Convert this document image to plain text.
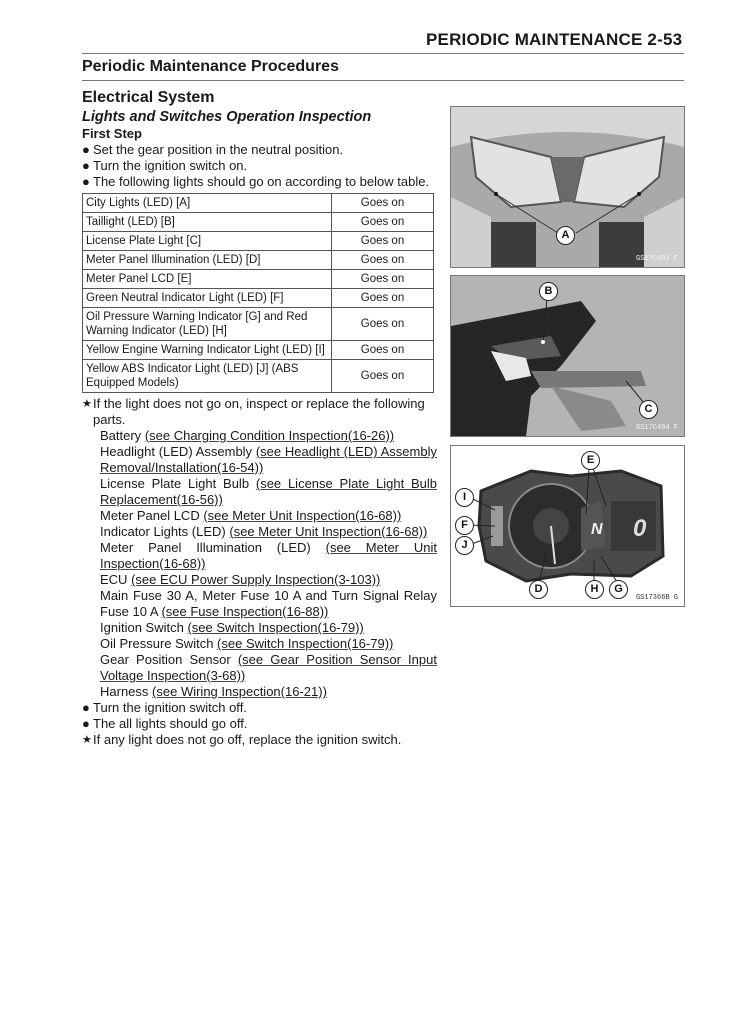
PERIODIC MAINTENANCE 2-53
Periodic Maintenance Procedures
Electrical System
Lights and Switches Operation Inspection
First Step
● Set the gear position in the neutral position.
● Turn the ignition switch on.
● The following lights should go on according to below table.
City Lights (LED) [A]	Goes on
Taillight (LED) [B]	Goes on
License Plate Light [C]	Goes on
Meter Panel Illumination (LED) [D]	Goes on
Meter Panel LCD [E]	Goes on
Green Neutral Indicator Light (LED) [F]	Goes on
Oil Pressure Warning Indicator [G] and Red Warning Indicator (LED) [H]	Goes on
Yellow Engine Warning Indicator Light (LED) [I]	Goes on
Yellow ABS Indicator Light (LED) [J] (ABS Equipped Models)	Goes on
★ If the light does not go on, inspect or replace the following parts.
Battery (see Charging Condition Inspection(16-26))
Headlight (LED) Assembly (see Headlight (LED) Assembly Removal/Installation(16-54))
License Plate Light Bulb (see License Plate Light Bulb Replacement(16-56))
Meter Panel LCD (see Meter Unit Inspection(16-68))
Indicator Lights (LED) (see Meter Unit Inspection(16-68))
Meter Panel Illumination (LED) (see Meter Unit Inspection(16-68))
ECU (see ECU Power Supply Inspection(3-103))
Main Fuse 30 A, Meter Fuse 10 A and Turn Signal Relay Fuse 10 A (see Fuse Inspection(16-88))
Ignition Switch (see Switch Inspection(16-79))
Oil Pressure Switch (see Switch Inspection(16-79))
Gear Position Sensor (see Gear Position Sensor Input Voltage Inspection(3-68))
Harness (see Wiring Inspection(16-21))
● Turn the ignition switch off.
● The all lights should go off.
★ If any light does not go off, replace the ignition switch.
A
GS17C493 F
B
C
GS17C494 F
N 0
E
I
F
J
D	H	G
GS17366B G
